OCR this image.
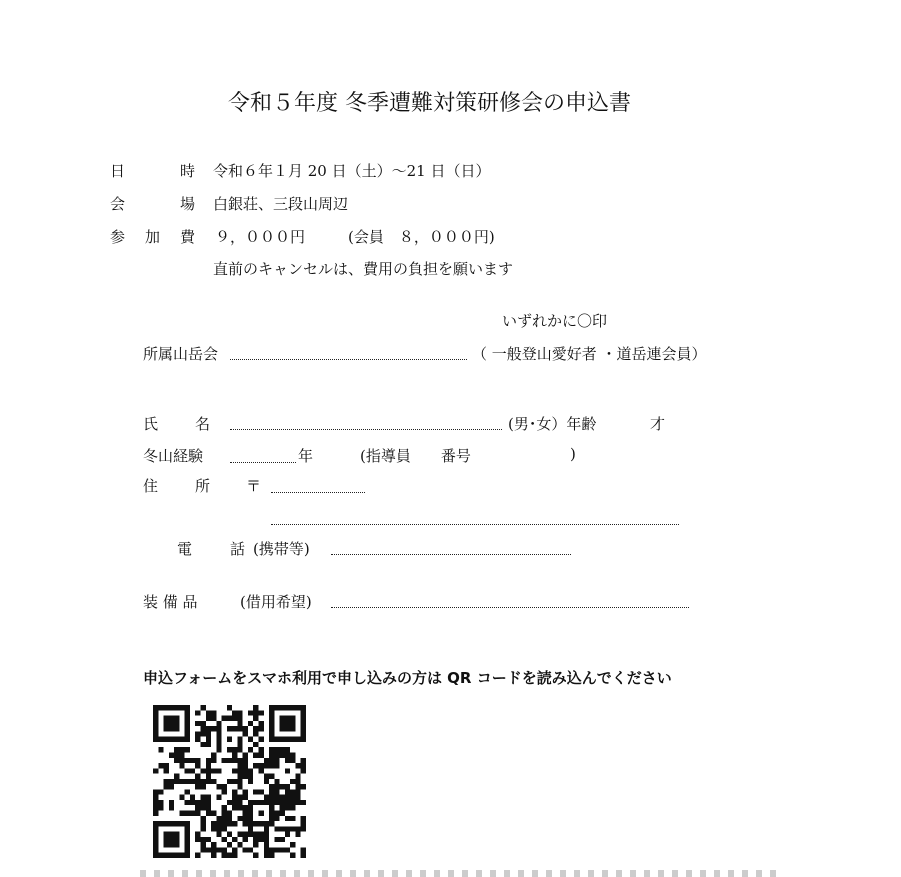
令和５年度 冬季遭難対策研修会の申込書
日	時 令和６年１月 20 日（土）〜21 日（日）
会	場 白銀荘、三段山周辺
参 加 費 ９，０００円	(会員　８，０００円)
直前のキャンセルは、費用の負担を願います
いずれかに〇印
所属山岳会	（ 一般登山愛好者 ・道岳連会員）
氏 名	(男･女）年齢	才
冬山経験	年	(指導員　　番号	)
住 所 〒
電	話 (携帯等)
装 備 品	(借用希望)
申込フォームをスマホ利用で申し込みの方は QR コードを読み込んでください
